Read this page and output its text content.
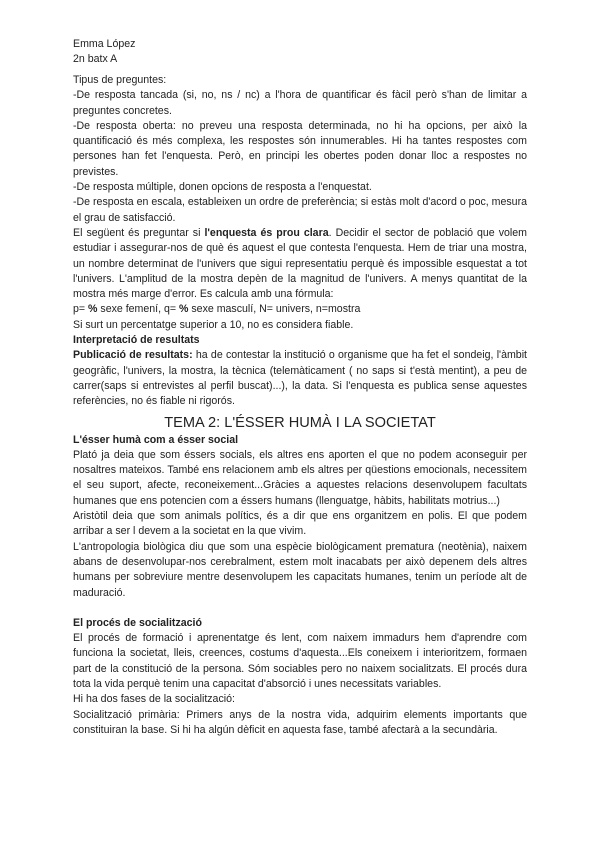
Emma López

2n batx A

Tipus de preguntes:

-De resposta tancada (si, no, ns / nc) a l'hora de quantificar és fàcil però s'han de limitar a preguntes concretes.

-De resposta oberta: no preveu una resposta determinada, no hi ha opcions, per això la quantificació és més complexa, les respostes són innumerables. Hi ha tantes respostes com persones han fet l'enquesta. Però, en principi les obertes poden donar lloc a respostes no previstes.

-De resposta múltiple, donen opcions de resposta a l'enquestat.

-De resposta en escala, estableixen un ordre de preferència; si estàs molt d'acord o poc, mesura el grau de satisfacció.

El següent és preguntar si l'enquesta és prou clara. Decidir el sector de població que volem estudiar i assegurar-nos de què és aquest el que contesta l'enquesta. Hem de triar una mostra, un nombre determinat de l'univers que sigui representatiu perquè és impossible esquestat a tot l'univers. L'amplitud de la mostra depèn de la magnitud de l'univers. A menys quantitat de la mostra més marge d'error. Es calcula amb una fórmula:

p= % sexe femení, q= % sexe masculí, N= univers, n=mostra

Si surt un percentatge superior a 10, no es considera fiable.

Interpretació de resultats

Publicació de resultats: ha de contestar la institució o organisme que ha fet el sondeig, l'àmbit geogràfic, l'univers, la mostra, la tècnica (telemàticament ( no saps si t'està mentint), a peu de carrer(saps si entrevistes al perfil buscat)...), la data. Si l'enquesta es publica sense aquestes referències, no és fiable ni rigorós.

TEMA 2: L'ÉSSER HUMÀ I LA SOCIETAT

L'ésser humà com a ésser social

Plató ja deia que som éssers socials, els altres ens aporten el que no podem aconseguir per nosaltres mateixos. També ens relacionem amb els altres per qüestions emocionals, necessitem el seu suport, afecte, reconeixement...Gràcies a aquestes relacions desenvolupem facultats humanes que ens potencien com a éssers humans (llenguatge, hàbits, habilitats motrius...)

Aristòtil deia que som animals polítics, és a dir que ens organitzem en polis. El que podem arribar a ser l devem a la societat en la que vivim.

L'antropologia biològica diu que som una espècie biològicament prematura (neotènia), naixem abans de desenvolupar-nos cerebralment, estem molt inacabats per això depenem dels altres humans per sobreviure mentre desenvolupem les capacitats humanes, tenim un període alt de maduració.

El procés de socialització

El procés de formació i aprenentatge és lent, com naixem immadurs hem d'aprendre com funciona la societat, lleis, creences, costums d'aquesta...Els coneixem i interioritzem, formaen part de la constitució de la persona. Sóm sociables pero no naixem socialitzats. El procés dura tota la vida perquè tenim una capacitat d'absorció i unes necessitats variables.

Hi ha dos fases de la socialització:

Socialització primària: Primers anys de la nostra vida, adquirim elements importants que constituiran la base. Si hi ha algún dèficit en aquesta fase, també afectarà a la secundària.
